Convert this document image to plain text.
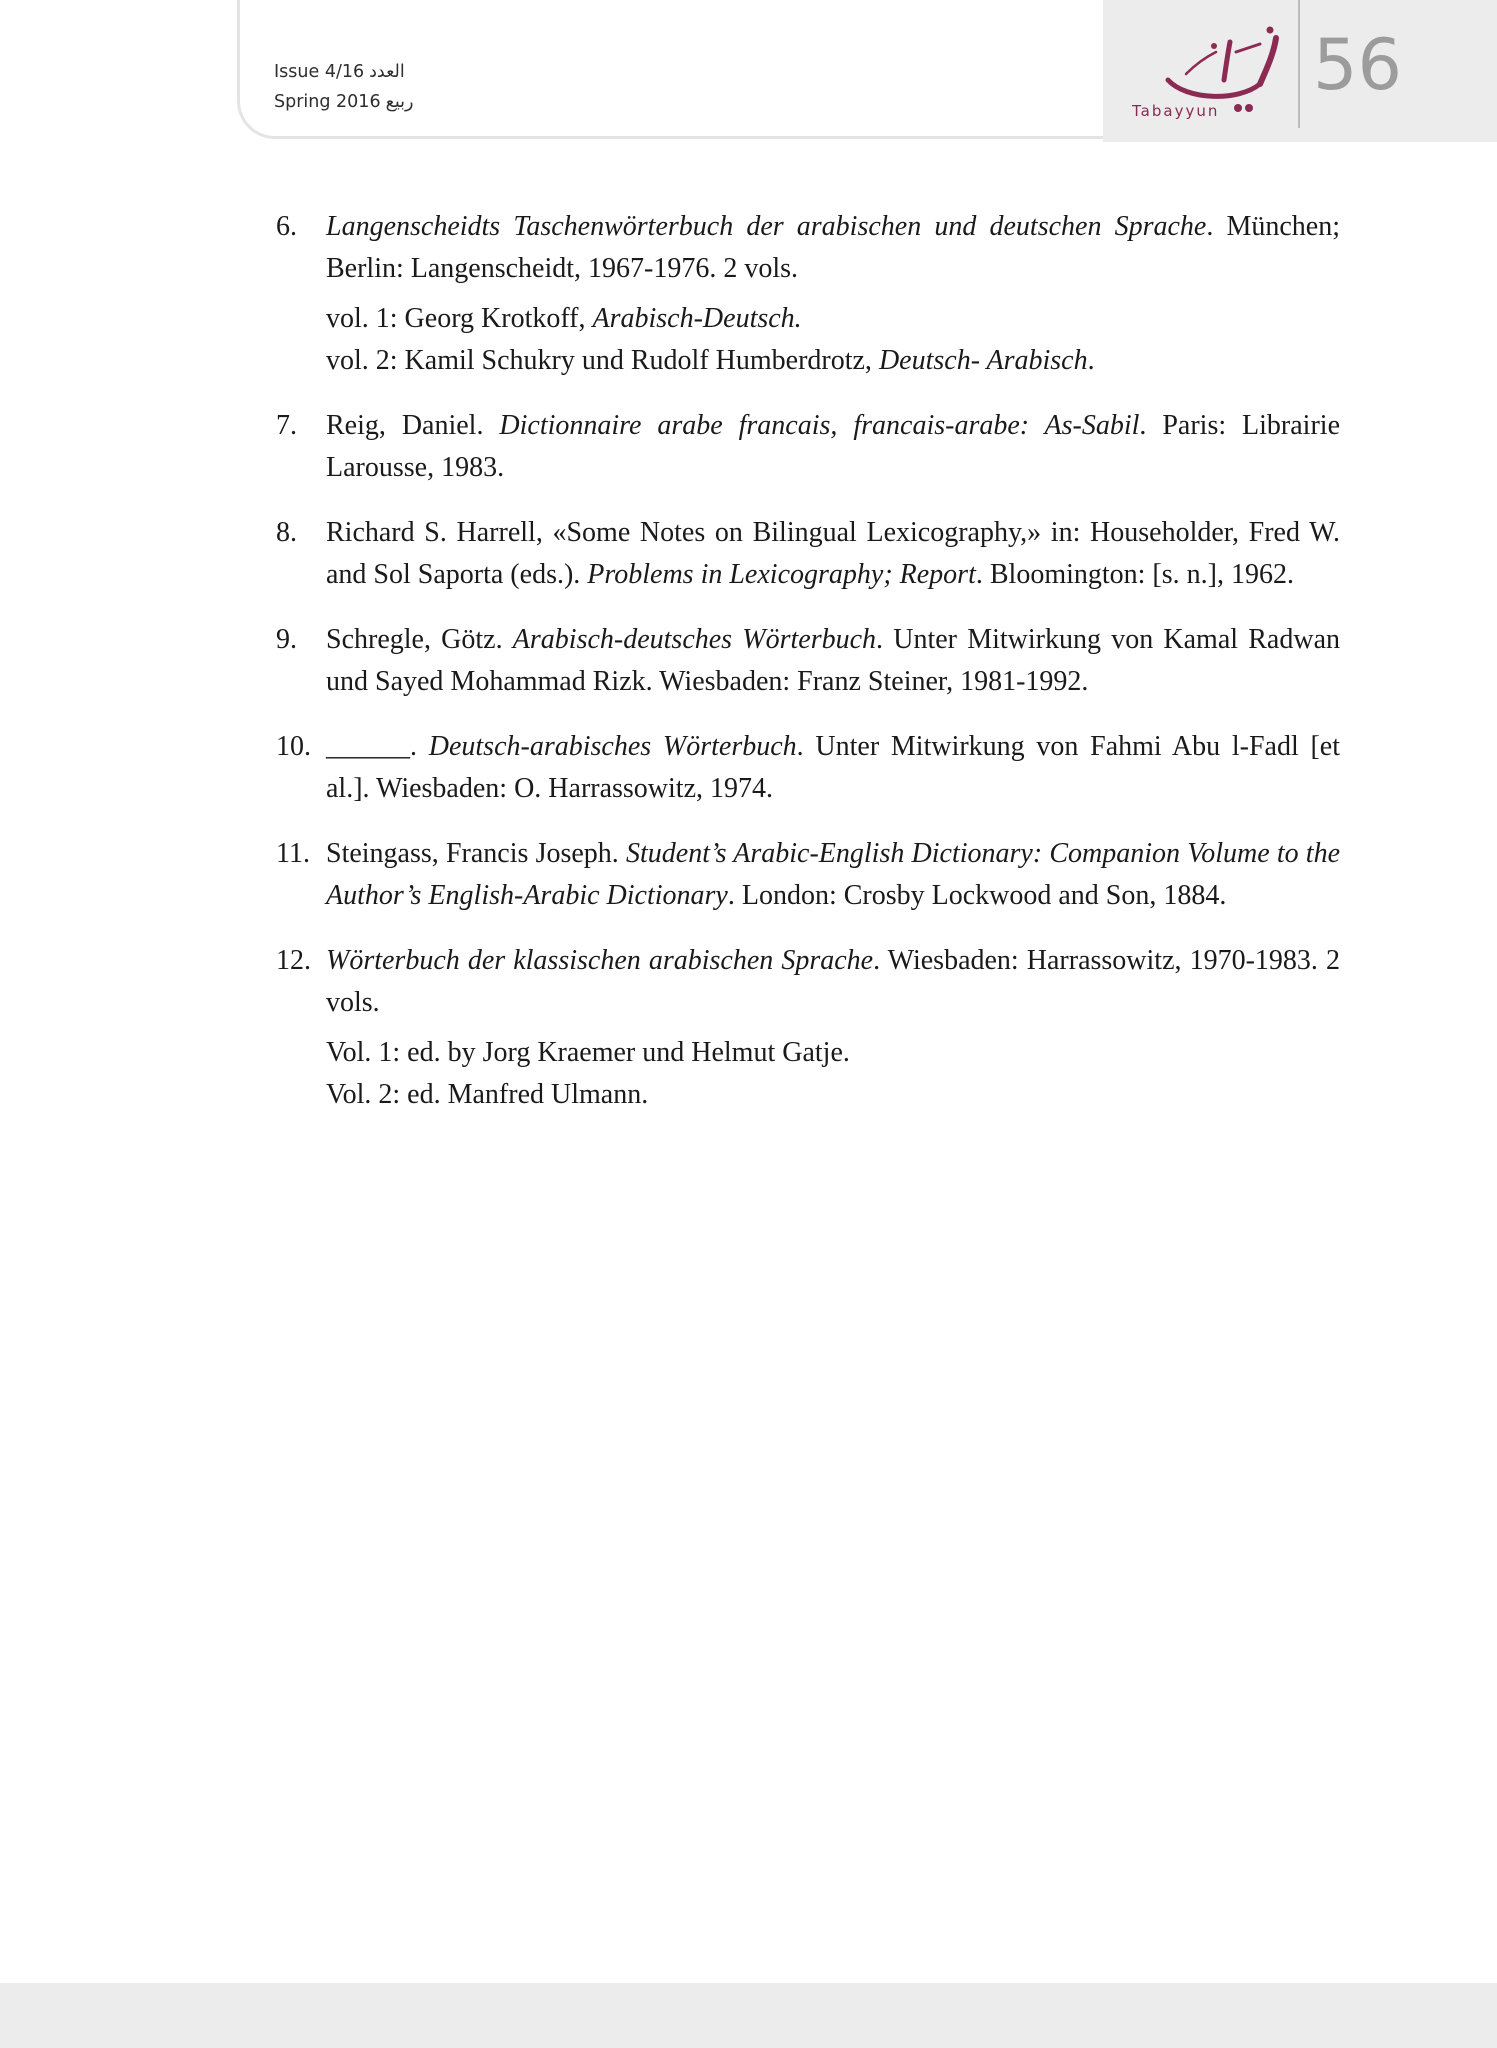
Issue 4/16 العدد
Spring 2016 ربيع	Tabayyun
56
6. Langenscheidts Taschenwörterbuch der arabischen und deutschen Sprache. München; Berlin: Langenscheidt, 1967-1976. 2 vols.
vol. 1: Georg Krotkoff, Arabisch-Deutsch.
vol. 2: Kamil Schukry und Rudolf Humberdrotz, Deutsch- Arabisch.
7. Reig, Daniel. Dictionnaire arabe francais, francais-arabe: As-Sabil. Paris: Librairie Larousse, 1983.
8. Richard S. Harrell, «Some Notes on Bilingual Lexicography,» in: Householder, Fred W. and Sol Saporta (eds.). Problems in Lexicography; Report. Bloomington: [s. n.], 1962.
9. Schregle, Götz. Arabisch-deutsches Wörterbuch. Unter Mitwirkung von Kamal Radwan und Sayed Mohammad Rizk. Wiesbaden: Franz Steiner, 1981-1992.
10. ______. Deutsch-arabisches Wörterbuch. Unter Mitwirkung von Fahmi Abu l-Fadl [et al.]. Wiesbaden: O. Harrassowitz, 1974.
11. Steingass, Francis Joseph. Student’s Arabic-English Dictionary: Companion Volume to the Author’s English-Arabic Dictionary. London: Crosby Lockwood and Son, 1884.
12. Wörterbuch der klassischen arabischen Sprache. Wiesbaden: Harrassowitz, 1970-1983. 2 vols.
Vol. 1: ed. by Jorg Kraemer und Helmut Gatje.
Vol. 2: ed. Manfred Ulmann.
